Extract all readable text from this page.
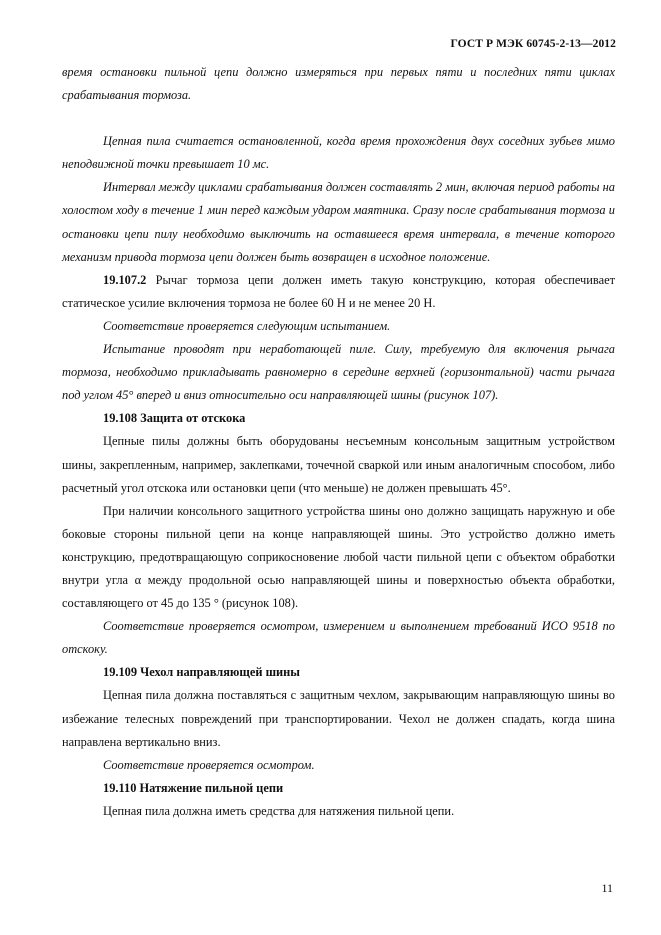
ГОСТ Р МЭК 60745-2-13—2012

время остановки пильной цепи должно измеряться при первых пяти и последних пяти циклах срабатывания тормоза.

Цепная пила считается остановленной, когда время прохождения двух соседних зубьев мимо неподвижной точки превышает 10 мс.

Интервал между циклами срабатывания должен составлять 2 мин, включая период работы на холостом ходу в течение 1 мин перед каждым ударом маятника. Сразу после срабатывания тормоза и остановки цепи пилу необходимо выключить на оставшееся время интервала, в течение которого механизм привода тормоза цепи должен быть возвращен в исходное положение.

19.107.2 Рычаг тормоза цепи должен иметь такую конструкцию, которая обеспечивает статическое усилие включения тормоза не более 60 Н и не менее 20 Н.

Соответствие проверяется следующим испытанием.

Испытание проводят при неработающей пиле. Силу, требуемую для включения рычага тормоза, необходимо прикладывать равномерно в середине верхней (горизонтальной) части рычага под углом 45° вперед и вниз относительно оси направляющей шины (рисунок 107).

19.108 Защита от отскока

Цепные пилы должны быть оборудованы несъемным консольным защитным устройством шины, закрепленным, например, заклепками, точечной сваркой или иным аналогичным способом, либо расчетный угол отскока или остановки цепи (что меньше) не должен превышать 45°.

При наличии консольного защитного устройства шины оно должно защищать наружную и обе боковые стороны пильной цепи на конце направляющей шины. Это устройство должно иметь конструкцию, предотвращающую соприкосновение любой части пильной цепи с объектом обработки внутри угла α между продольной осью направляющей шины и поверхностью объекта обработки, составляющего от 45 до 135 ° (рисунок 108).

Соответствие проверяется осмотром, измерением и выполнением требований ИСО 9518 по отскоку.

19.109 Чехол направляющей шины

Цепная пила должна поставляться с защитным чехлом, закрывающим направляющую шины во избежание телесных повреждений при транспортировании. Чехол не должен спадать, когда шина направлена вертикально вниз.

Соответствие проверяется осмотром.

19.110 Натяжение пильной цепи

Цепная пила должна иметь средства для натяжения пильной цепи.

11
